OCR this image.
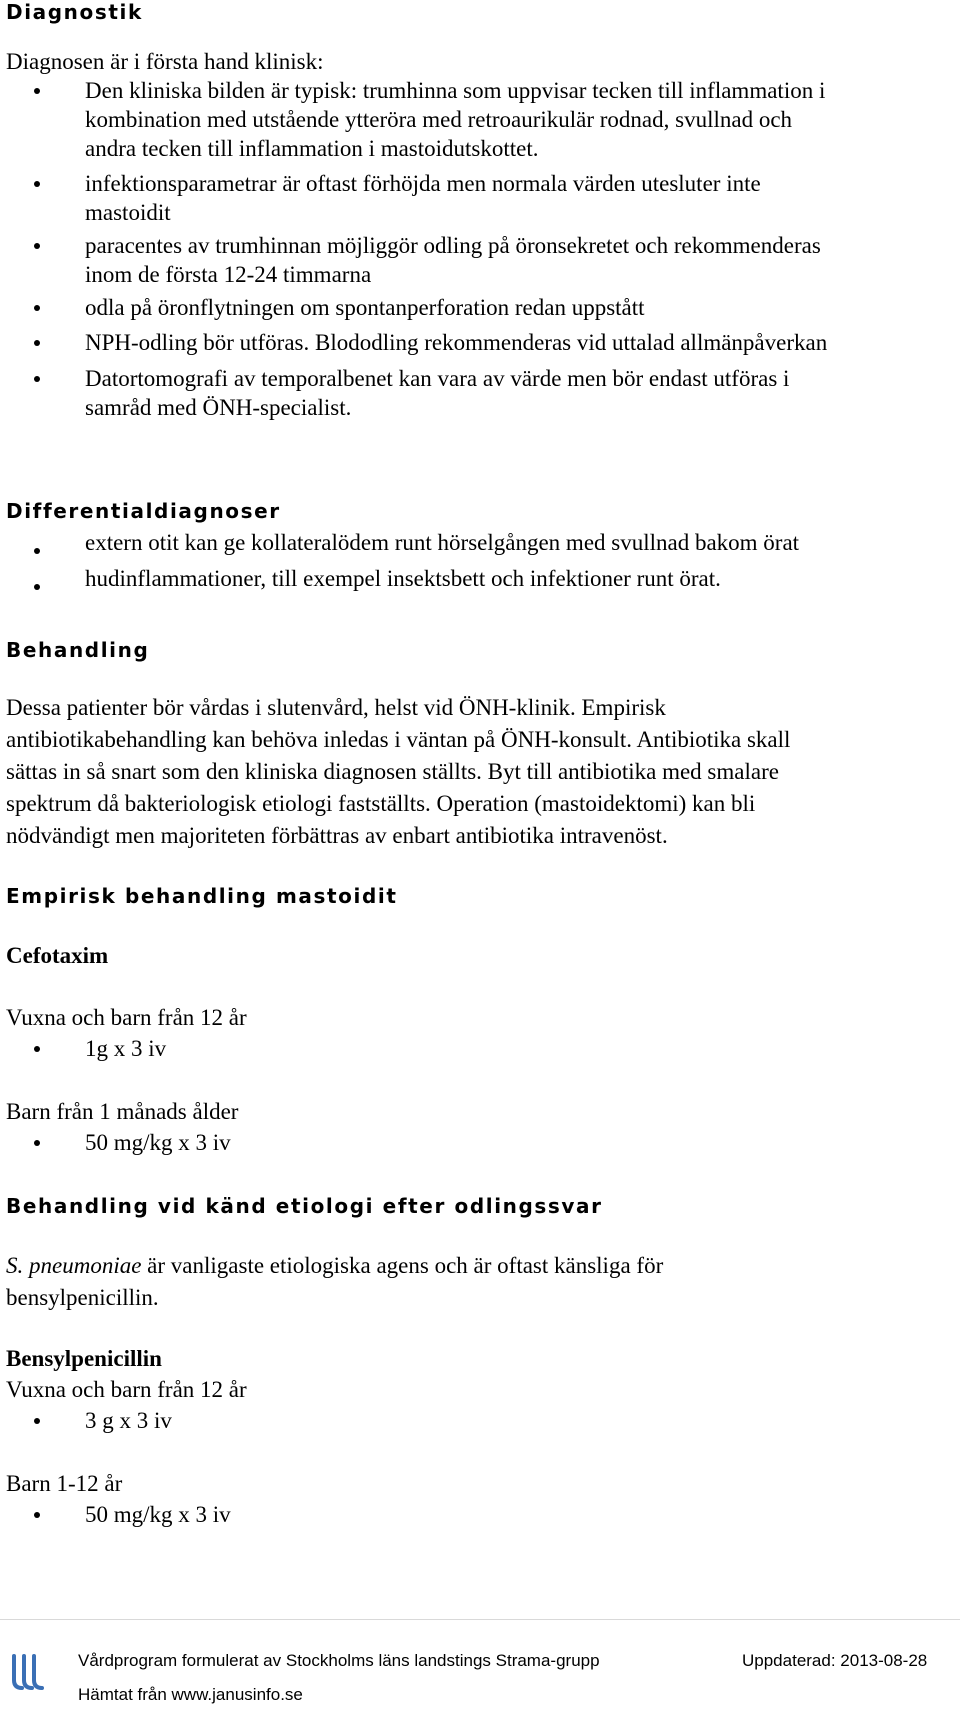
Diagnostik

Diagnosen är i första hand klinisk:

Den kliniska bilden är typisk: trumhinna som uppvisar tecken till inflammation i
kombination med utstående ytteröra med retroaurikulär rodnad, svullnad och
andra tecken till inflammation i mastoidutskottet.

infektionsparametrar är oftast förhöjda men normala värden utesluter inte
mastoidit

paracentes av trumhinnan möjliggör odling på öronsekretet och rekommenderas
inom de första 12-24 timmarna

odla på öronflytningen om spontanperforation redan uppstått

NPH-odling bör utföras. Blododling rekommenderas vid uttalad allmänpåverkan

Datortomografi av temporalbenet kan vara av värde men bör endast utföras i
samråd med ÖNH-specialist.

Differentialdiagnoser

extern otit kan ge kollateralödem runt hörselgången med svullnad bakom örat

hudinflammationer, till exempel insektsbett och infektioner runt örat.

Behandling

Dessa patienter bör vårdas i slutenvård, helst vid ÖNH-klinik. Empirisk

antibiotikabehandling kan behöva inledas i väntan på ÖNH-konsult. Antibiotika skall

sättas in så snart som den kliniska diagnosen ställts. Byt till antibiotika med smalare

spektrum då bakteriologisk etiologi fastställts. Operation (mastoidektomi) kan bli

nödvändigt men majoriteten förbättras av enbart antibiotika intravenöst.

Empirisk behandling mastoidit

Cefotaxim

Vuxna och barn från 12 år

1g x 3 iv

Barn från 1 månads ålder

50 mg/kg x 3 iv

Behandling vid känd etiologi efter odlingssvar

S. pneumoniae är vanligaste etiologiska agens och är oftast känsliga för

bensylpenicillin.

Bensylpenicillin

Vuxna och barn från 12 år

3 g x 3 iv

Barn 1-12 år

50 mg/kg x 3 iv

Vårdprogram formulerat av Stockholms läns landstings Strama-grupp	Uppdaterad: 2013-08-28
Hämtat från www.janusinfo.se
